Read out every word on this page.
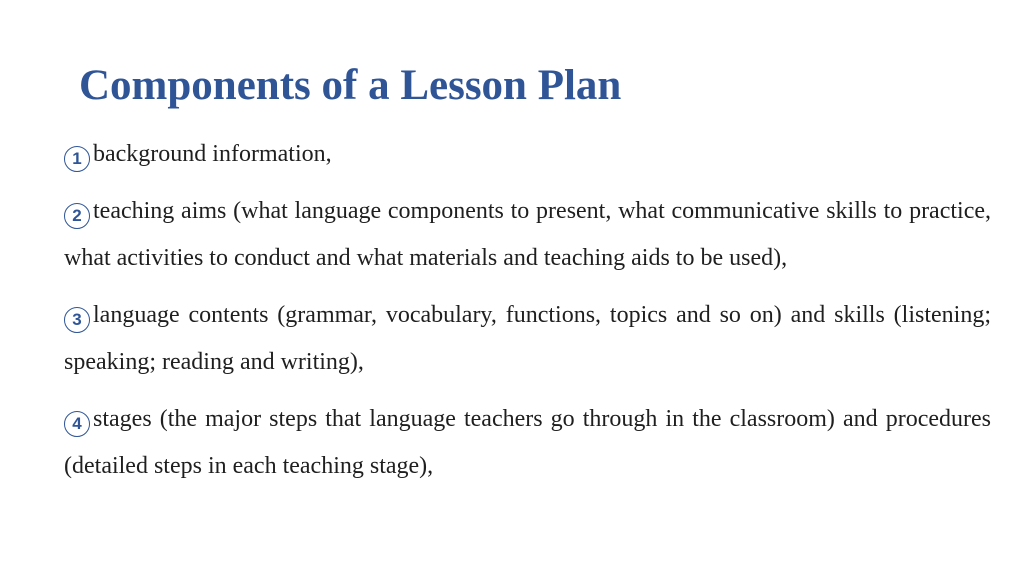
Components of a Lesson Plan

1 background information,

2 teaching aims (what language components to present, what communicative skills to practice, what activities to conduct and what materials and teaching aids to be used),

3 language contents (grammar, vocabulary, functions, topics and so on) and skills (listening; speaking; reading and writing),

4 stages (the major steps that language teachers go through in the classroom) and procedures (detailed steps in each teaching stage),
